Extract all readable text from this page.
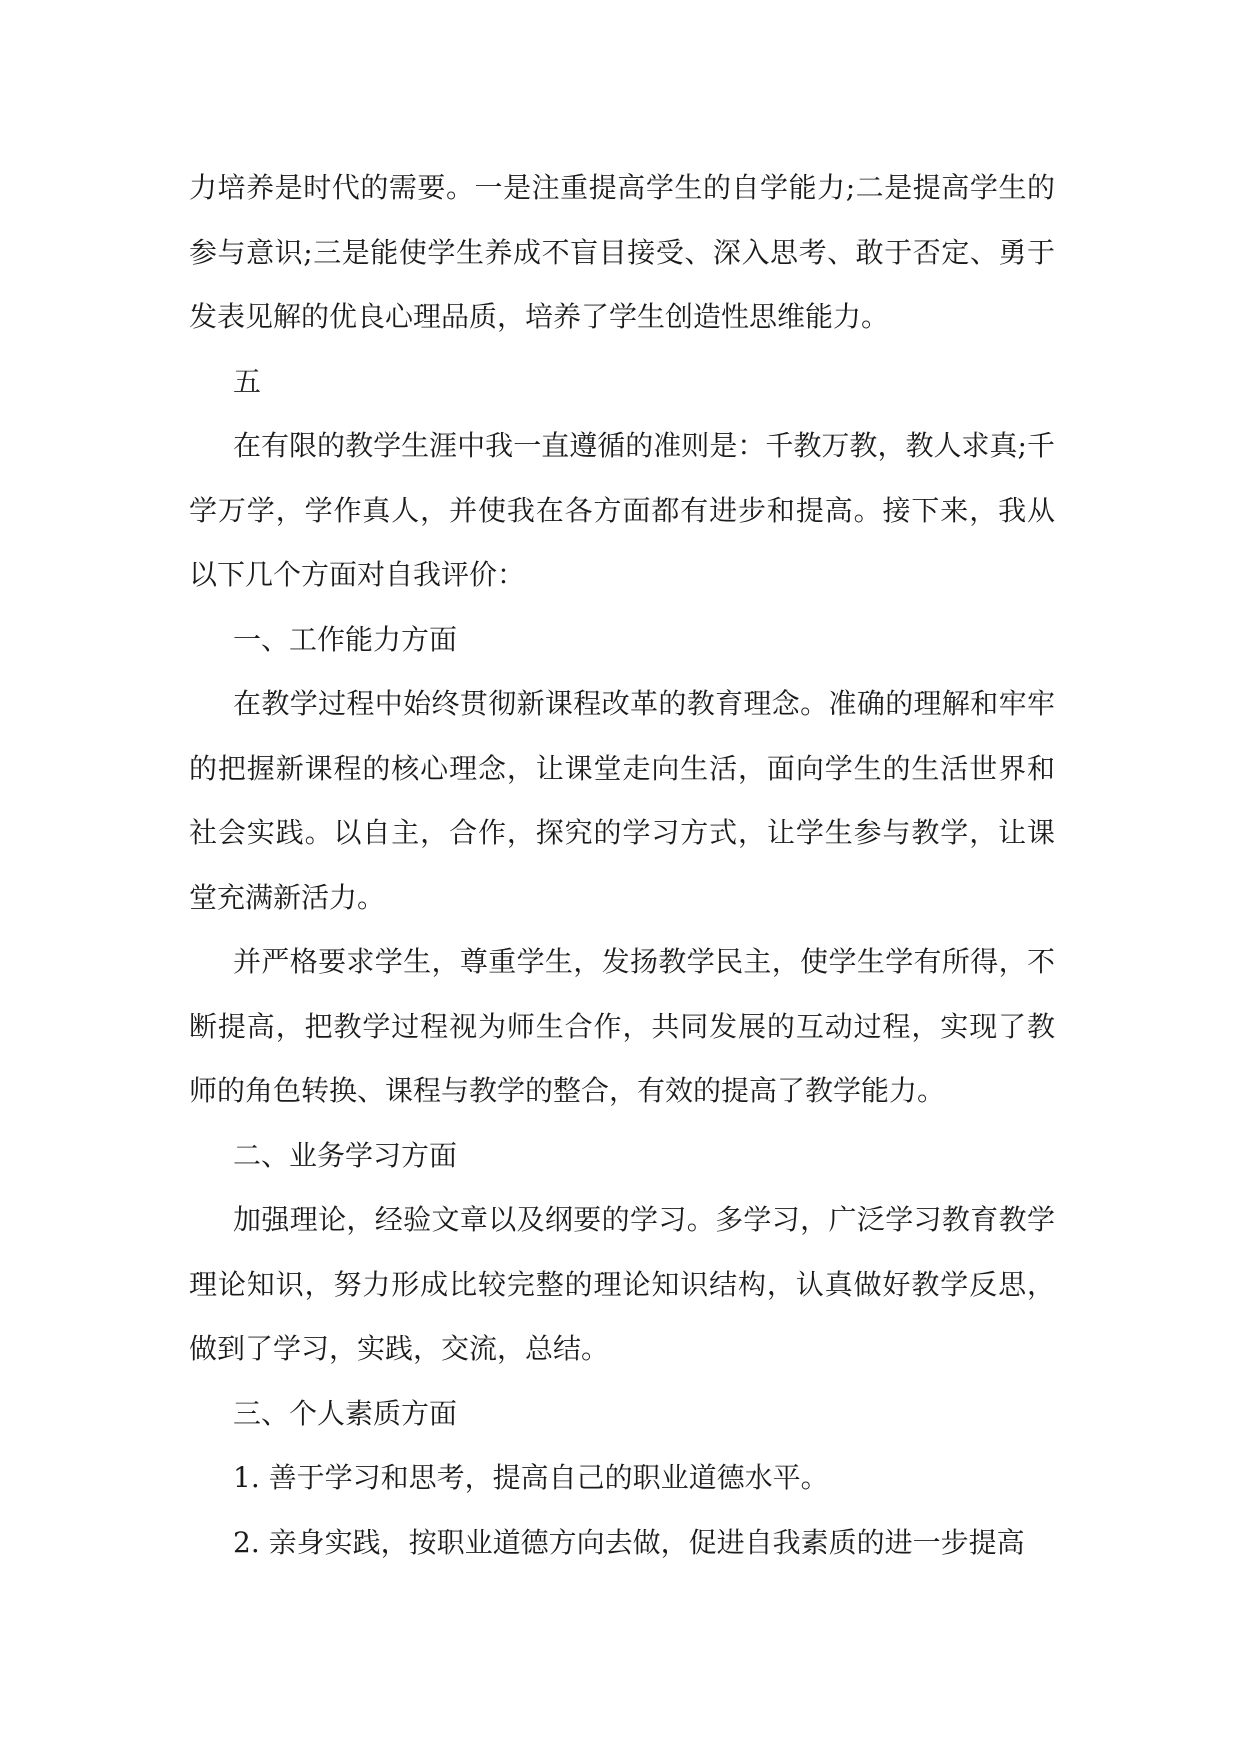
力培养是时代的需要。一是注重提高学生的自学能力;二是提高学生的参与意识;三是能使学生养成不盲目接受、深入思考、敢于否定、勇于发表见解的优良心理品质，培养了学生创造性思维能力。

五

在有限的教学生涯中我一直遵循的准则是：千教万教，教人求真;千学万学，学作真人，并使我在各方面都有进步和提高。接下来，我从以下几个方面对自我评价：

一、工作能力方面

在教学过程中始终贯彻新课程改革的教育理念。准确的理解和牢牢的把握新课程的核心理念，让课堂走向生活，面向学生的生活世界和社会实践。以自主，合作，探究的学习方式，让学生参与教学，让课堂充满新活力。

并严格要求学生，尊重学生，发扬教学民主，使学生学有所得，不断提高，把教学过程视为师生合作，共同发展的互动过程，实现了教师的角色转换、课程与教学的整合，有效的提高了教学能力。

二、业务学习方面

加强理论，经验文章以及纲要的学习。多学习，广泛学习教育教学理论知识，努力形成比较完整的理论知识结构，认真做好教学反思，做到了学习，实践，交流，总结。

三、个人素质方面

1. 善于学习和思考，提高自己的职业道德水平。

2. 亲身实践，按职业道德方向去做，促进自我素质的进一步提高
